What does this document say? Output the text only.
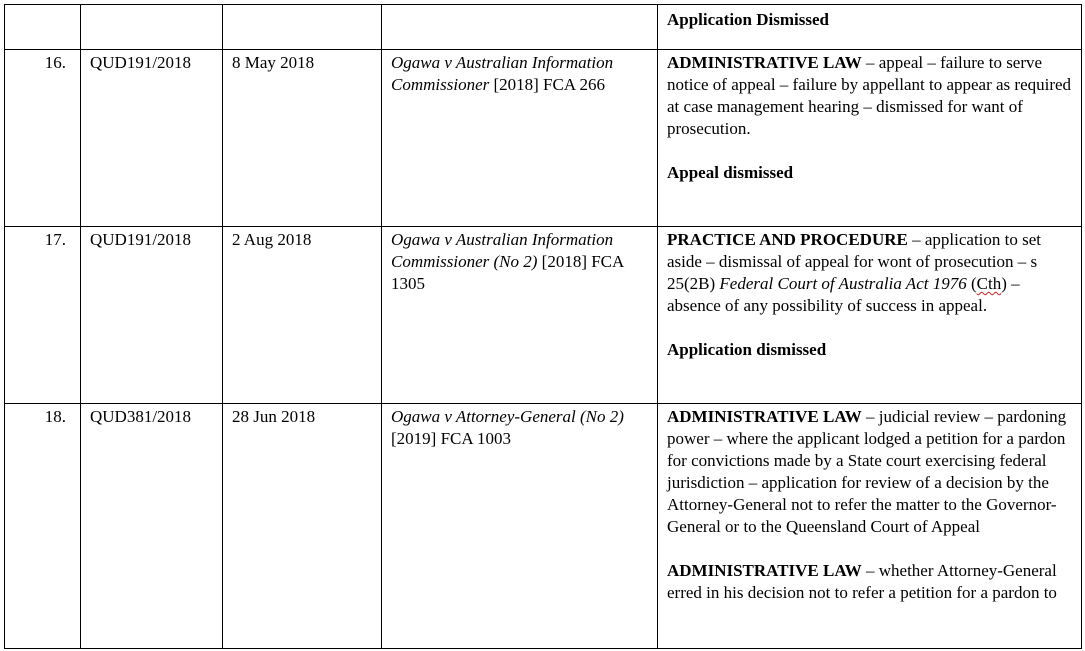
				Application Dismissed

16.	QUD191/2018	8 May 2018	Ogawa v Australian Information Commissioner [2018] FCA 266	ADMINISTRATIVE LAW – appeal – failure to serve notice of appeal – failure by appellant to appear as required at case management hearing – dismissed for want of prosecution.
Appeal dismissed

17.	QUD191/2018	2 Aug 2018	Ogawa v Australian Information Commissioner (No 2) [2018] FCA 1305	PRACTICE AND PROCEDURE – application to set aside – dismissal of appeal for wont of prosecution – s 25(2B) Federal Court of Australia Act 1976 (Cth) – absence of any possibility of success in appeal.
Application dismissed

18.	QUD381/2018	28 Jun 2018	Ogawa v Attorney-General (No 2) [2019] FCA 1003	ADMINISTRATIVE LAW – judicial review – pardoning power – where the applicant lodged a petition for a pardon for convictions made by a State court exercising federal jurisdiction – application for review of a decision by the Attorney-General not to refer the matter to the Governor-General or to the Queensland Court of Appeal
ADMINISTRATIVE LAW – whether Attorney-General erred in his decision not to refer a petition for a pardon to
